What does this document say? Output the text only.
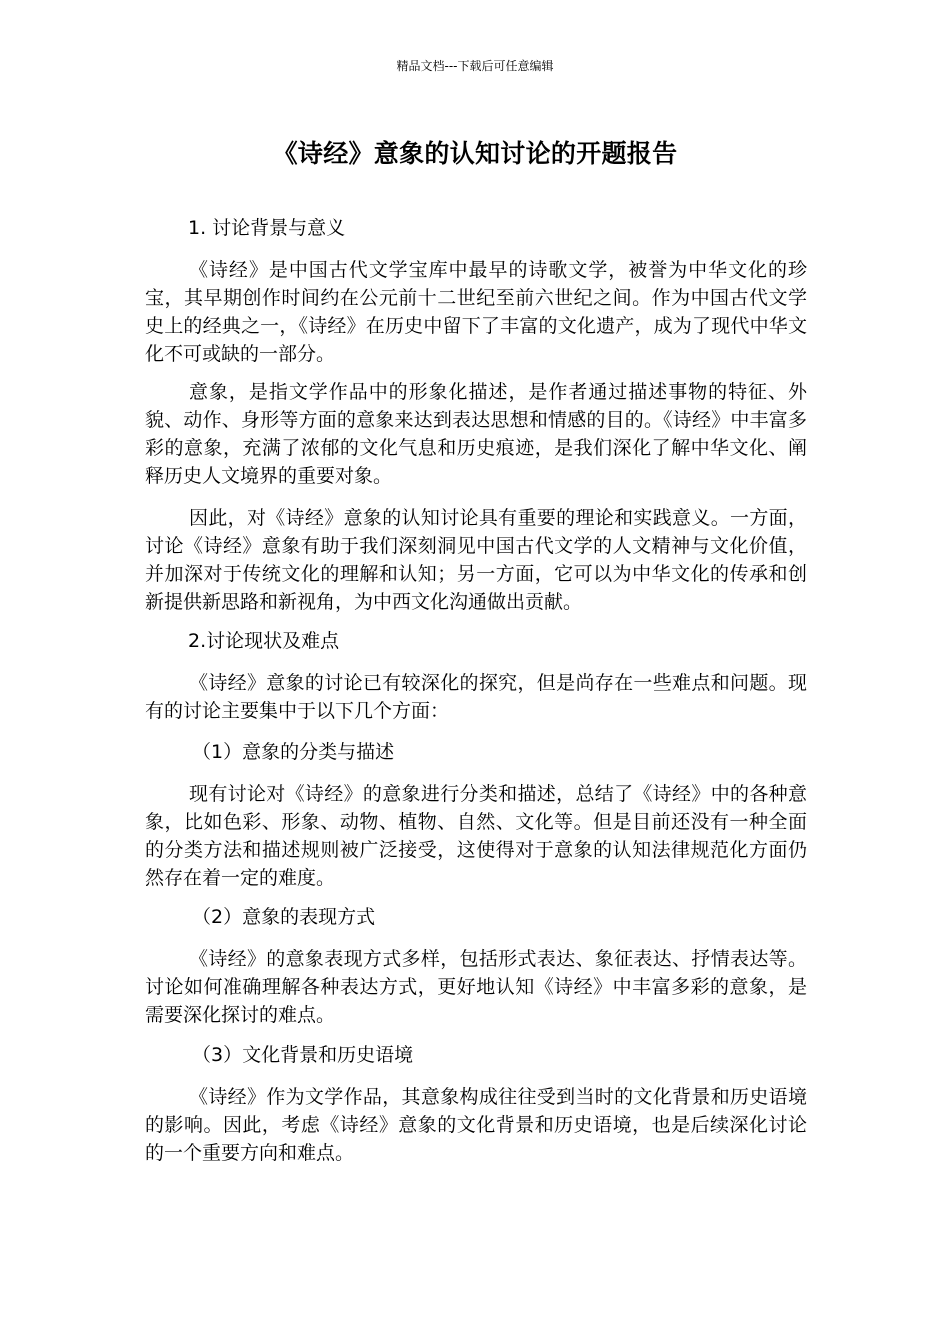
精品文档---下载后可任意编辑
《诗经》意象的认知讨论的开题报告

1. 讨论背景与意义

《诗经》是中国古代文学宝库中最早的诗歌文学，被誉为中华文化的珍宝，其早期创作时间约在公元前十二世纪至前六世纪之间。作为中国古代文学史上的经典之一，《诗经》在历史中留下了丰富的文化遗产，成为了现代中华文化不可或缺的一部分。

意象，是指文学作品中的形象化描述，是作者通过描述事物的特征、外貌、动作、身形等方面的意象来达到表达思想和情感的目的。《诗经》中丰富多彩的意象，充满了浓郁的文化气息和历史痕迹，是我们深化了解中华文化、阐释历史人文境界的重要对象。

因此，对《诗经》意象的认知讨论具有重要的理论和实践意义。一方面，讨论《诗经》意象有助于我们深刻洞见中国古代文学的人文精神与文化价值，并加深对于传统文化的理解和认知；另一方面，它可以为中华文化的传承和创新提供新思路和新视角，为中西文化沟通做出贡献。

2.讨论现状及难点

《诗经》意象的讨论已有较深化的探究，但是尚存在一些难点和问题。现有的讨论主要集中于以下几个方面：

（1）意象的分类与描述

现有讨论对《诗经》的意象进行分类和描述，总结了《诗经》中的各种意象，比如色彩、形象、动物、植物、自然、文化等。但是目前还没有一种全面的分类方法和描述规则被广泛接受，这使得对于意象的认知法律规范化方面仍然存在着一定的难度。

（2）意象的表现方式

《诗经》的意象表现方式多样，包括形式表达、象征表达、抒情表达等。讨论如何准确理解各种表达方式，更好地认知《诗经》中丰富多彩的意象，是需要深化探讨的难点。

（3）文化背景和历史语境

《诗经》作为文学作品，其意象构成往往受到当时的文化背景和历史语境的影响。因此，考虑《诗经》意象的文化背景和历史语境，也是后续深化讨论的一个重要方向和难点。
